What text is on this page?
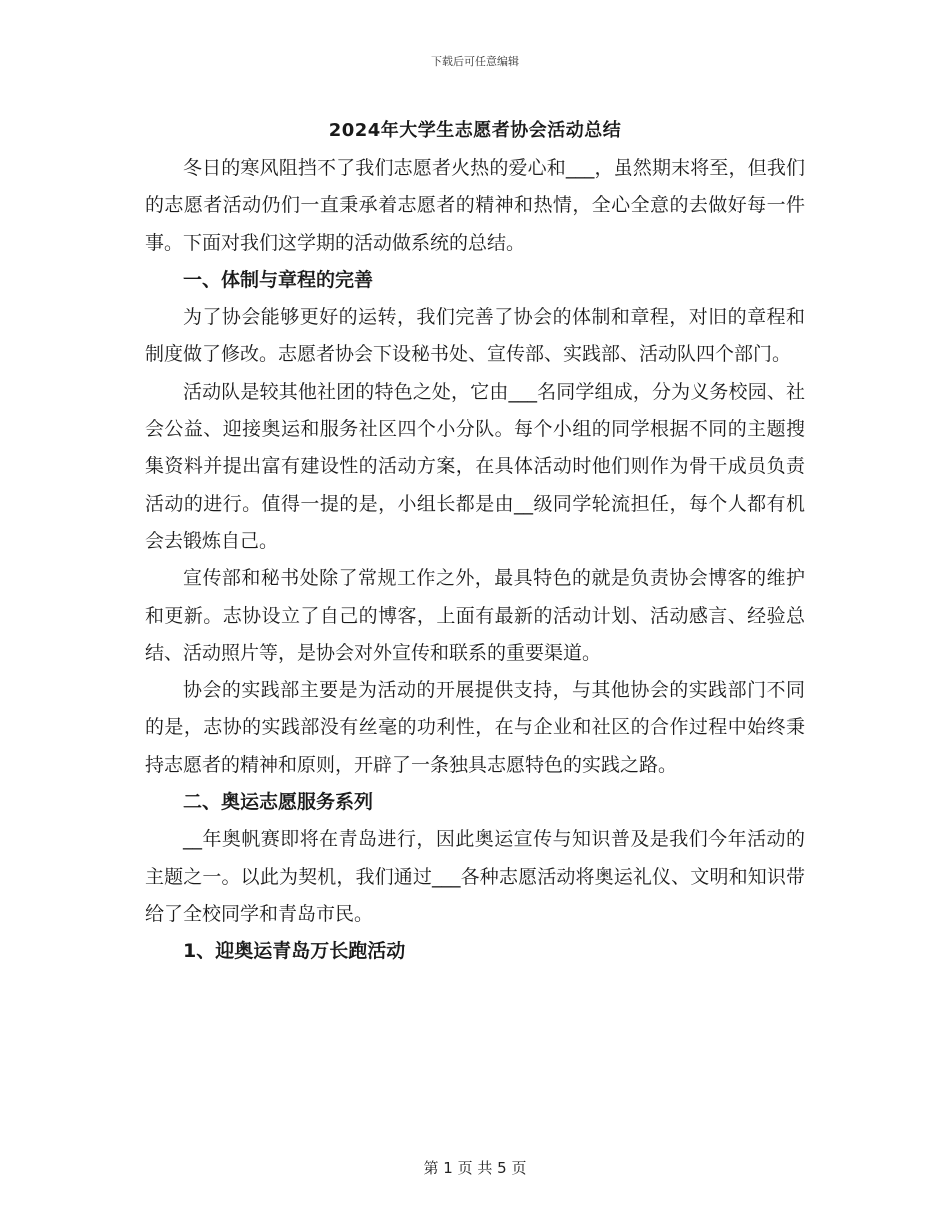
下载后可任意编辑
2024年大学生志愿者协会活动总结

冬日的寒风阻挡不了我们志愿者火热的爱心和___，虽然期末将至，但我们的志愿者活动仍们一直秉承着志愿者的精神和热情，全心全意的去做好每一件事。下面对我们这学期的活动做系统的总结。

一、体制与章程的完善

为了协会能够更好的运转，我们完善了协会的体制和章程，对旧的章程和制度做了修改。志愿者协会下设秘书处、宣传部、实践部、活动队四个部门。

活动队是较其他社团的特色之处，它由___名同学组成，分为义务校园、社会公益、迎接奥运和服务社区四个小分队。每个小组的同学根据不同的主题搜集资料并提出富有建设性的活动方案，在具体活动时他们则作为骨干成员负责活动的进行。值得一提的是，小组长都是由__级同学轮流担任，每个人都有机会去锻炼自己。

宣传部和秘书处除了常规工作之外，最具特色的就是负责协会博客的维护和更新。志协设立了自己的博客，上面有最新的活动计划、活动感言、经验总结、活动照片等，是协会对外宣传和联系的重要渠道。

协会的实践部主要是为活动的开展提供支持，与其他协会的实践部门不同的是，志协的实践部没有丝毫的功利性，在与企业和社区的合作过程中始终秉持志愿者的精神和原则，开辟了一条独具志愿特色的实践之路。

二、奥运志愿服务系列

__年奥帆赛即将在青岛进行，因此奥运宣传与知识普及是我们今年活动的主题之一。以此为契机，我们通过___各种志愿活动将奥运礼仪、文明和知识带给了全校同学和青岛市民。

1、迎奥运青岛万长跑活动

第 1 页 共 5 页
